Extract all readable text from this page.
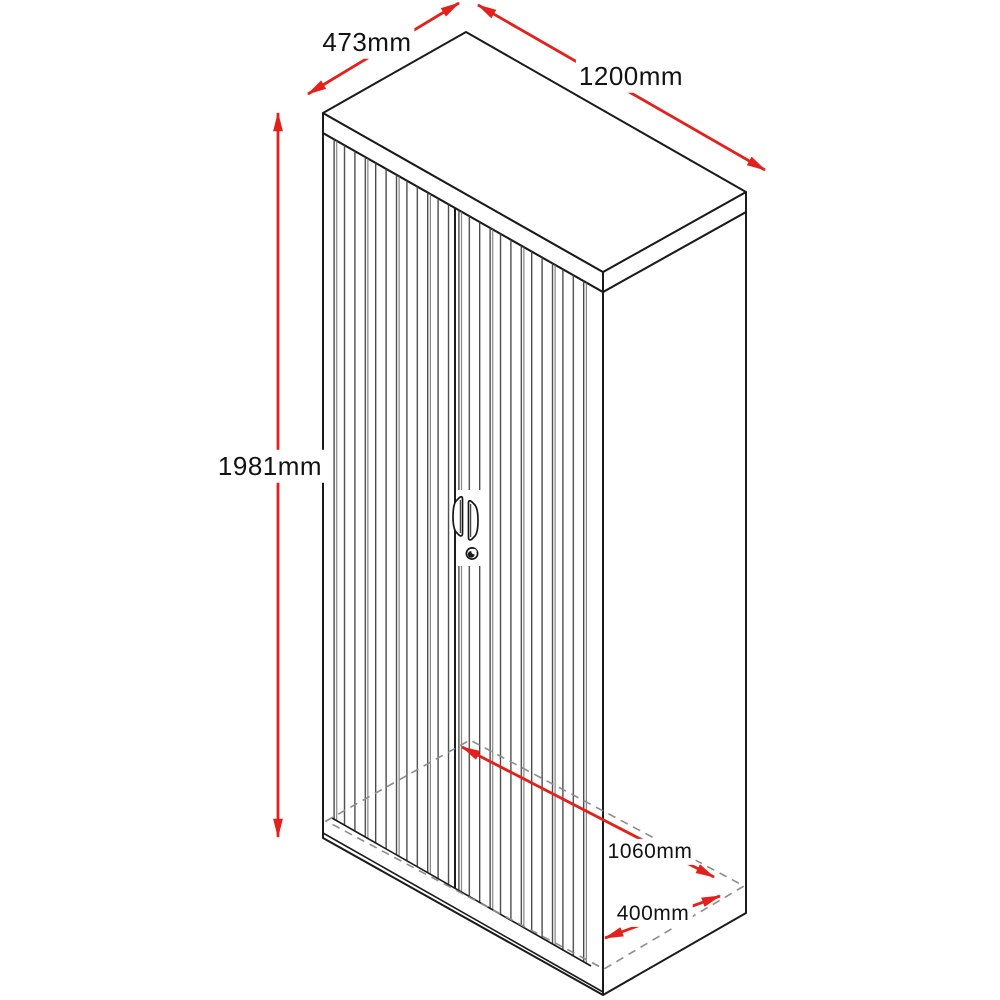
473mm
1200mm
1981mm
1060mm
400mm
